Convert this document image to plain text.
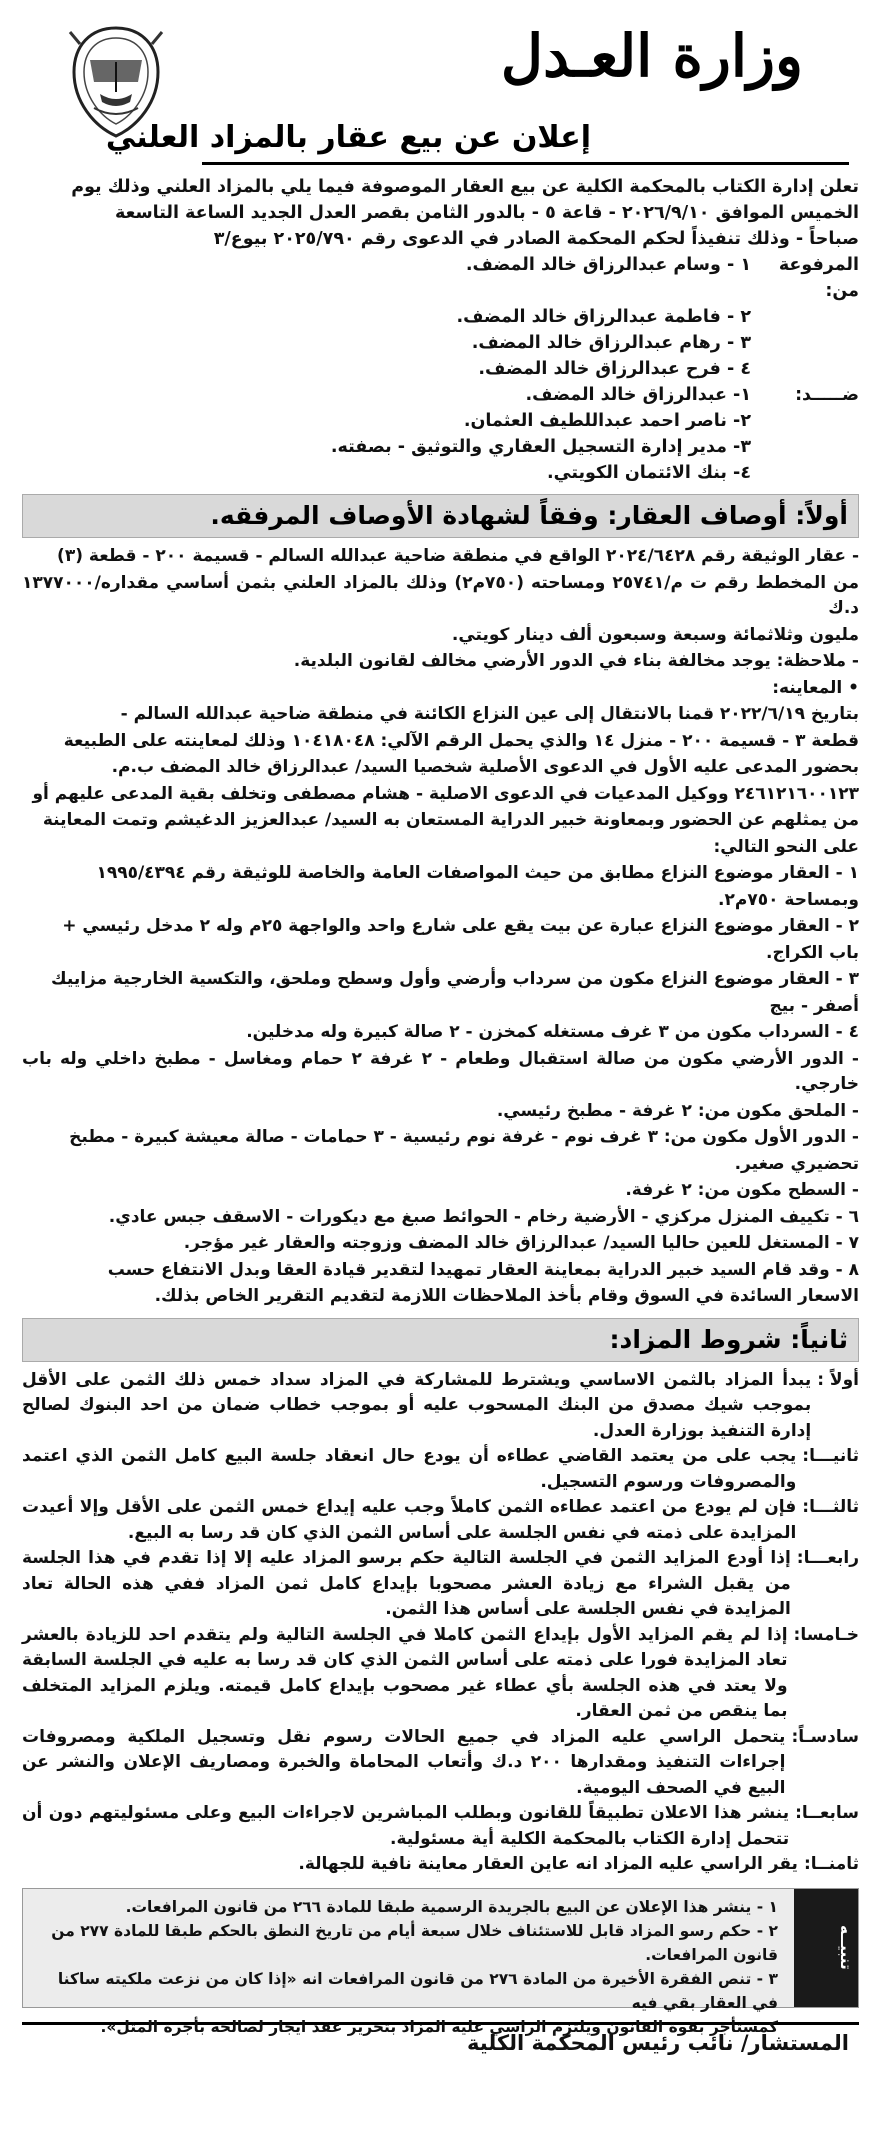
وزارة العـدل
إعلان عن بيع عقار بالمزاد العلني

تعلن إدارة الكتاب بالمحكمة الكلية عن بيع العقار الموصوفة فيما يلي بالمزاد العلني وذلك يوم

الخميس الموافق ٢٠٢٦/٩/١٠ - قاعة ٥ - بالدور الثامن بقصر العدل الجديد الساعة التاسعة

صباحاً - وذلك تنفيذاً لحكم المحكمة الصادر في الدعوى رقم ٢٠٢٥/٧٩٠ بيوع/٣

المرفوعة من:
١ - وسام عبدالرزاق خالد المضف.
٢ - فاطمة عبدالرزاق خالد المضف.
٣ - رهام عبدالرزاق خالد المضف.
٤ - فرح عبدالرزاق خالد المضف.
ضـــــد:
١- عبدالرزاق خالد المضف.
٢- ناصر احمد عبداللطيف العثمان.
٣- مدير إدارة التسجيل العقاري والتوثيق - بصفته.
٤- بنك الائتمان الكويتي.
أولاً: أوصاف العقار: وفقاً لشهادة الأوصاف المرفقه.
- عقار الوثيقة رقم ٢٠٢٤/٦٤٢٨ الواقع في منطقة ضاحية عبدالله السالم - قسيمة ٢٠٠ - قطعة (٣)
من المخطط رقم ت م/٢٥٧٤١ ومساحته (٧٥٠م٢) وذلك بالمزاد العلني بثمن أساسي مقداره/١٣٧٧٠٠٠ د.ك
مليون وثلاثمائة وسبعة وسبعون ألف دينار كويتي.
- ملاحظة: يوجد مخالفة بناء في الدور الأرضي مخالف لقانون البلدية.
• المعاينه:
بتاريخ ٢٠٢٢/٦/١٩ قمنا بالانتقال إلى عين النزاع الكائنة في منطقة ضاحية عبدالله السالم -
قطعة ٣ - قسيمة ٢٠٠ - منزل ١٤ والذي يحمل الرقم الآلي: ١٠٤١٨٠٤٨ وذلك لمعاينته على الطبيعة
بحضور المدعى عليه الأول في الدعوى الأصلية شخصيا السيد/ عبدالرزاق خالد المضف ب.م.
٢٤٦١٢١٦٠٠١٢٣ ووكيل المدعيات في الدعوى الاصلية - هشام مصطفى وتخلف بقية المدعى عليهم أو
من يمثلهم عن الحضور وبمعاونة خبير الدراية المستعان به السيد/ عبدالعزيز الدغيشم وتمت المعاينة
على النحو التالي:
١ - العقار موضوع النزاع مطابق من حيث المواصفات العامة والخاصة للوثيقة رقم ١٩٩٥/٤٣٩٤
وبمساحة ٧٥٠م٢.
٢ - العقار موضوع النزاع عبارة عن بيت يقع على شارع واحد والواجهة ٢٥م وله ٢ مدخل رئيسي +
باب الكراج.
٣ - العقار موضوع النزاع مكون من سرداب وأرضي وأول وسطح وملحق، والتكسية الخارجية مزاييك
أصفر - بيج
٤ - السرداب مكون من ٣ غرف مستغله كمخزن - ٢ صالة كبيرة وله مدخلين.
- الدور الأرضي مكون من صالة استقبال وطعام - ٢ غرفة ٢ حمام ومغاسل - مطبخ داخلي وله باب خارجي.
- الملحق مكون من: ٢ غرفة - مطبخ رئيسي.
- الدور الأول مكون من: ٣ غرف نوم - غرفة نوم رئيسية - ٣ حمامات - صالة معيشة كبيرة - مطبخ
تحضيري صغير.
- السطح مكون من: ٢ غرفة.
٦ - تكييف المنزل مركزي - الأرضية رخام - الحوائط صبغ مع ديكورات - الاسقف جبس عادي.
٧ - المستغل للعين حاليا السيد/ عبدالرزاق خالد المضف وزوجته والعقار غير مؤجر.
٨ - وقد قام السيد خبير الدراية بمعاينة العقار تمهيدا لتقدير قيادة العقا وبدل الانتفاع حسب
الاسعار السائدة في السوق وقام بأخذ الملاحظات اللازمة لتقديم التقرير الخاص بذلك.
ثانياً: شروط المزاد:
أولاً :
يبدأ المزاد بالثمن الاساسي ويشترط للمشاركة في المزاد سداد خمس ذلك الثمن على الأقل بموجب شيك مصدق من البنك المسحوب عليه أو بموجب خطاب ضمان من احد البنوك لصالح إدارة التنفيذ بوزارة العدل.
ثانيـــا:
يجب على من يعتمد القاضي عطاءه أن يودع حال انعقاد جلسة البيع كامل الثمن الذي اعتمد والمصروفات ورسوم التسجيل.
ثالثـــا:
فإن لم يودع من اعتمد عطاءه الثمن كاملاً وجب عليه إيداع خمس الثمن على الأقل وإلا أعيدت المزايدة على ذمته في نفس الجلسة على أساس الثمن الذي كان قد رسا به البيع.
رابعـــا:
إذا أودع المزايد الثمن في الجلسة التالية حكم برسو المزاد عليه إلا إذا تقدم في هذا الجلسة من يقبل الشراء مع زيادة العشر مصحوبا بإيداع كامل ثمن المزاد ففي هذه الحالة تعاد المزايدة في نفس الجلسة على أساس هذا الثمن.
خـامسا:
إذا لم يقم المزايد الأول بإيداع الثمن كاملا في الجلسة التالية ولم يتقدم احد للزيادة بالعشر تعاد المزايدة فورا على ذمته على أساس الثمن الذي كان قد رسا به عليه في الجلسة السابقة ولا يعتد في هذه الجلسة بأي عطاء غير مصحوب بإيداع كامل قيمته. ويلزم المزايد المتخلف بما ينقص من ثمن العقار.
سادسـاً:
يتحمل الراسي عليه المزاد في جميع الحالات رسوم نقل وتسجيل الملكية ومصروفات إجراءات التنفيذ ومقدارها ٢٠٠ د.ك وأتعاب المحاماة والخبرة ومصاريف الإعلان والنشر عن البيع في الصحف اليومية.
سابعــا:
ينشر هذا الاعلان تطبيقاً للقانون وبطلب المباشرين لاجراءات البيع وعلى مسئوليتهم دون أن تتحمل إدارة الكتاب بالمحكمة الكلية أية مسئولية.
ثامنــا:
يقر الراسي عليه المزاد انه عاين العقار معاينة نافية للجهالة.
تنبيــه
١ - ينشر هذا الإعلان عن البيع بالجريدة الرسمية طبقا للمادة ٢٦٦ من قانون المرافعات.
٢ - حكم رسو المزاد قابل للاستئناف خلال سبعة أيام من تاريخ النطق بالحكم طبقا للمادة ٢٧٧ من قانون المرافعات.
٣ - تنص الفقرة الأخيرة من المادة ٢٧٦ من قانون المرافعات انه «إذا كان من نزعت ملكيته ساكنا في العقار بقي فيه
كمستأجر بقوة القانون ويلتزم الراسي عليه المزاد بتحرير عقد ايجار لصالحه بأجرة المثل».
المستشار/ نائب رئيس المحكمة الكلية
